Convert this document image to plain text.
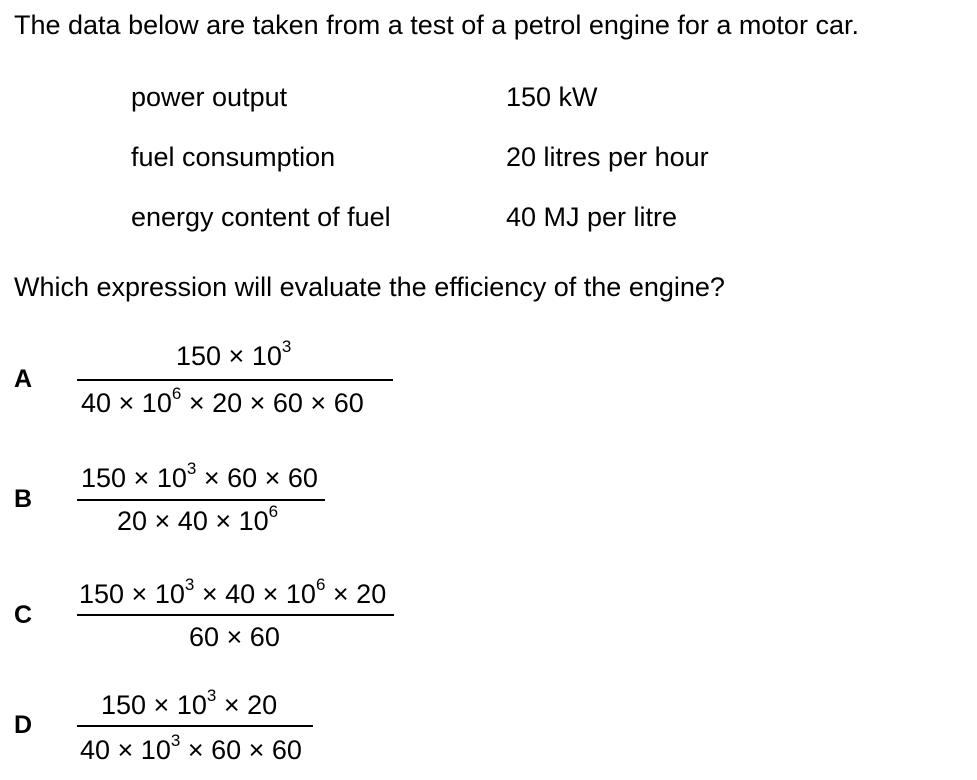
The data below are taken from a test of a petrol engine for a motor car.
power output	150 kW
fuel consumption	20 litres per hour
energy content of fuel	40 MJ per litre
Which expression will evaluate the efficiency of the engine?
A
$150 \times 10^3$
$40 \times 10^6 \times 20 \times 60 \times 60$
B
$150 \times 10^3 \times 60 \times 60$
$20 \times 40 \times 10^6$
C
$150 \times 10^3 \times 40 \times 10^6 \times 20$
60 × 60
D
$150 \times 10^3 \times 20$
$40 \times 10^3 \times 60 \times 60$
